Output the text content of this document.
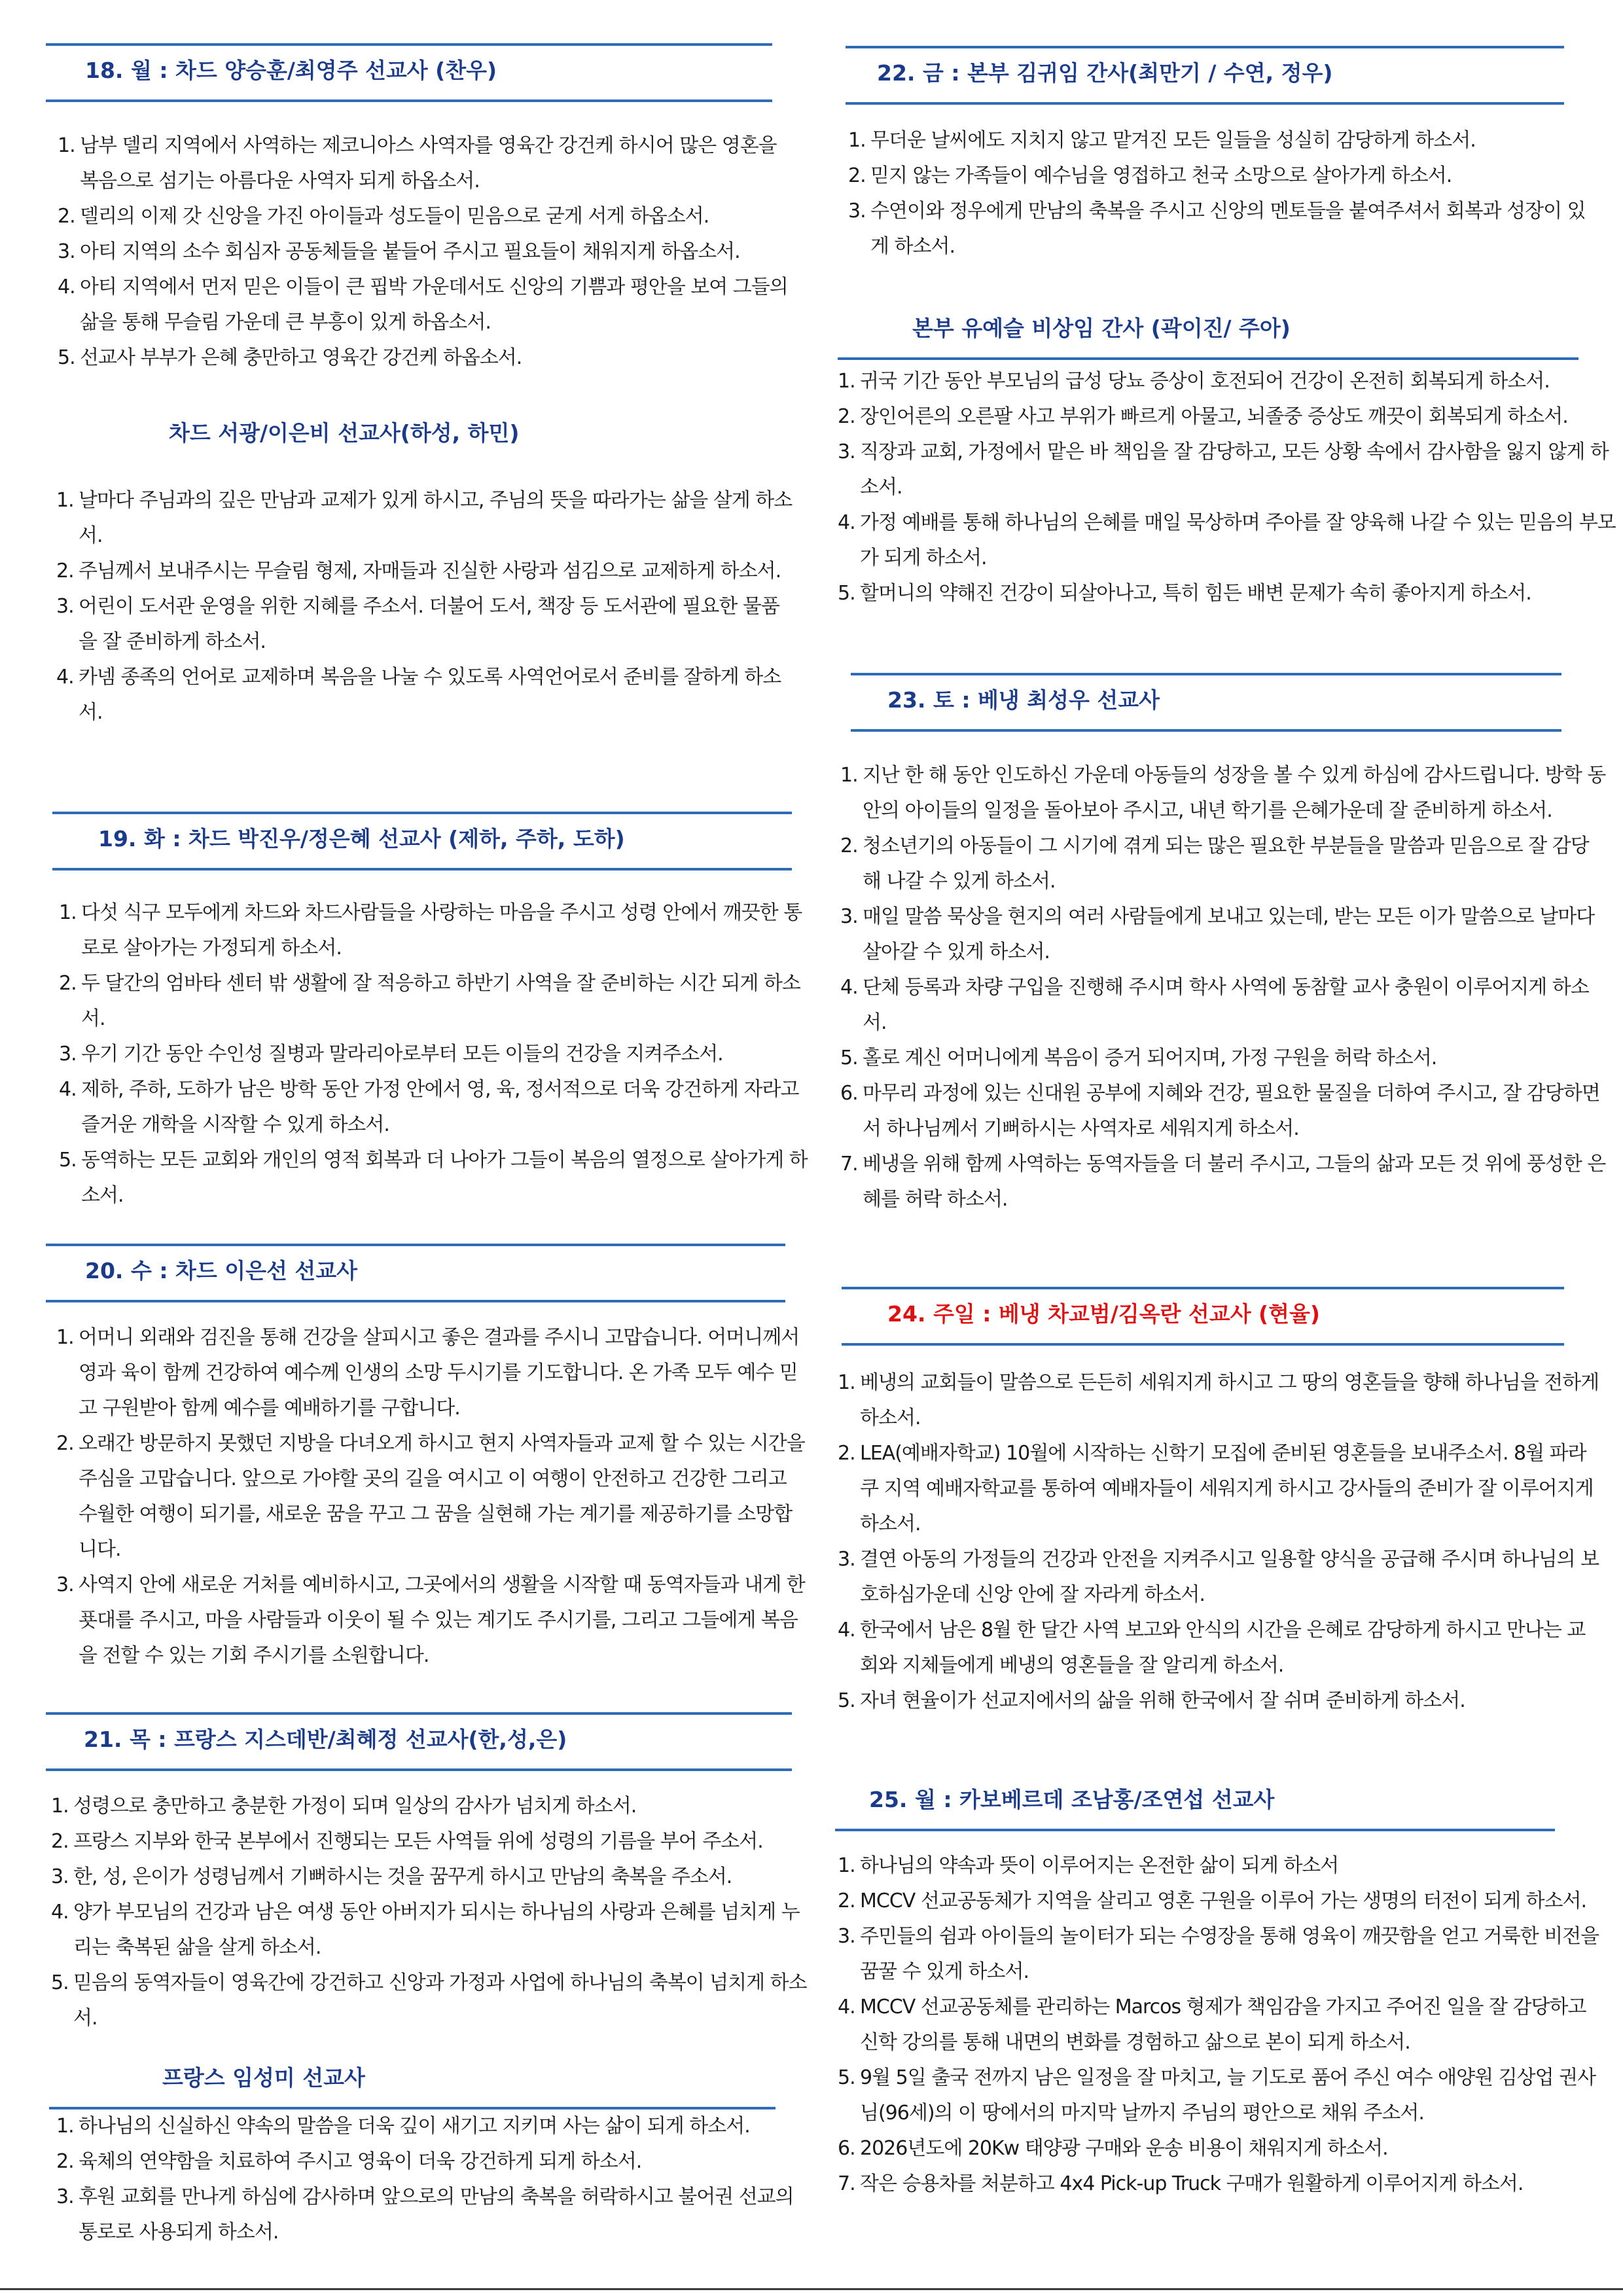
18. 월 : 차드 양승훈/최영주 선교사 (찬우)
1. 남부 델리 지역에서 사역하는 제코니아스 사역자를 영육간 강건케 하시어 많은 영혼을 복음으로 섬기는 아름다운 사역자 되게 하옵소서.
2. 델리의 이제 갓 신앙을 가진 아이들과 성도들이 믿음으로 굳게 서게 하옵소서.
3. 아티 지역의 소수 회심자 공동체들을 붙들어 주시고 필요들이 채워지게 하옵소서.
4. 아티 지역에서 먼저 믿은 이들이 큰 핍박 가운데서도 신앙의 기쁨과 평안을 보여 그들의 삶을 통해 무슬림 가운데 큰 부흥이 있게 하옵소서.
5. 선교사 부부가 은혜 충만하고 영육간 강건케 하옵소서.
차드 서광/이은비 선교사(하성, 하민)
1. 날마다 주님과의 깊은 만남과 교제가 있게 하시고, 주님의 뜻을 따라가는 삶을 살게 하소서.
2. 주님께서 보내주시는 무슬림 형제, 자매들과 진실한 사랑과 섬김으로 교제하게 하소서.
3. 어린이 도서관 운영을 위한 지혜를 주소서. 더불어 도서, 책장 등 도서관에 필요한 물품을 잘 준비하게 하소서.
4. 카넴 종족의 언어로 교제하며 복음을 나눌 수 있도록 사역언어로서 준비를 잘하게 하소서.
19. 화 : 차드 박진우/정은혜 선교사 (제하, 주하, 도하)
1. 다섯 식구 모두에게 차드와 차드사람들을 사랑하는 마음을 주시고 성령 안에서 깨끗한 통로로 살아가는 가정되게 하소서.
2. 두 달간의 엄바타 센터 밖 생활에 잘 적응하고 하반기 사역을 잘 준비하는 시간 되게 하소서.
3. 우기 기간 동안 수인성 질병과 말라리아로부터 모든 이들의 건강을 지켜주소서.
4. 제하, 주하, 도하가 남은 방학 동안 가정 안에서 영, 육, 정서적으로 더욱 강건하게 자라고 즐거운 개학을 시작할 수 있게 하소서.
5. 동역하는 모든 교회와 개인의 영적 회복과 더 나아가 그들이 복음의 열정으로 살아가게 하소서.
20. 수 : 차드 이은선 선교사
1. 어머니 외래와 검진을 통해 건강을 살피시고 좋은 결과를 주시니 고맙습니다. 어머니께서 영과 육이 함께 건강하여 예수께 인생의 소망 두시기를 기도합니다. 온 가족 모두 예수 믿고 구원받아 함께 예수를 예배하기를 구합니다.
2. 오래간 방문하지 못했던 지방을 다녀오게 하시고 현지 사역자들과 교제 할 수 있는 시간을 주심을 고맙습니다. 앞으로 가야할 곳의 길을 여시고 이 여행이 안전하고 건강한 그리고 수월한 여행이 되기를, 새로운 꿈을 꾸고 그 꿈을 실현해 가는 계기를 제공하기를 소망합니다.
3. 사역지 안에 새로운 거처를 예비하시고, 그곳에서의 생활을 시작할 때 동역자들과 내게 한 푯대를 주시고, 마을 사람들과 이웃이 될 수 있는 계기도 주시기를, 그리고 그들에게 복음을 전할 수 있는 기회 주시기를 소원합니다.
21. 목 : 프랑스 지스데반/최혜정 선교사(한,성,은)
1. 성령으로 충만하고 충분한 가정이 되며 일상의 감사가 넘치게 하소서.
2. 프랑스 지부와 한국 본부에서 진행되는 모든 사역들 위에 성령의 기름을 부어 주소서.
3. 한, 성, 은이가 성령님께서 기뻐하시는 것을 꿈꾸게 하시고 만남의 축복을 주소서.
4. 양가 부모님의 건강과 남은 여생 동안 아버지가 되시는 하나님의 사랑과 은혜를 넘치게 누리는 축복된 삶을 살게 하소서.
5. 믿음의 동역자들이 영육간에 강건하고 신앙과 가정과 사업에 하나님의 축복이 넘치게 하소서.
프랑스 임성미 선교사
1. 하나님의 신실하신 약속의 말씀을 더욱 깊이 새기고 지키며 사는 삶이 되게 하소서.
2. 육체의 연약함을 치료하여 주시고 영육이 더욱 강건하게 되게 하소서.
3. 후원 교회를 만나게 하심에 감사하며 앞으로의 만남의 축복을 허락하시고 불어권 선교의 통로로 사용되게 하소서.
22. 금 : 본부 김귀임 간사(최만기 / 수연, 정우)
1. 무더운 날씨에도 지치지 않고 맡겨진 모든 일들을 성실히 감당하게 하소서.
2. 믿지 않는 가족들이 예수님을 영접하고 천국 소망으로 살아가게 하소서.
3. 수연이와 정우에게 만남의 축복을 주시고 신앙의 멘토들을 붙여주셔서 회복과 성장이 있게 하소서.
본부 유예슬 비상임 간사 (곽이진/ 주아)
1. 귀국 기간 동안 부모님의 급성 당뇨 증상이 호전되어 건강이 온전히 회복되게 하소서.
2. 장인어른의 오른팔 사고 부위가 빠르게 아물고, 뇌졸중 증상도 깨끗이 회복되게 하소서.
3. 직장과 교회, 가정에서 맡은 바 책임을 잘 감당하고, 모든 상황 속에서 감사함을 잃지 않게 하소서.
4. 가정 예배를 통해 하나님의 은혜를 매일 묵상하며 주아를 잘 양육해 나갈 수 있는 믿음의 부모가 되게 하소서.
5. 할머니의 약해진 건강이 되살아나고, 특히 힘든 배변 문제가 속히 좋아지게 하소서.
23. 토 : 베냉 최성우 선교사
1. 지난 한 해 동안 인도하신 가운데 아동들의 성장을 볼 수 있게 하심에 감사드립니다. 방학 동안의 아이들의 일정을 돌아보아 주시고, 내년 학기를 은혜가운데 잘 준비하게 하소서.
2. 청소년기의 아동들이 그 시기에 겪게 되는 많은 필요한 부분들을 말씀과 믿음으로 잘 감당해 나갈 수 있게 하소서.
3. 매일 말씀 묵상을 현지의 여러 사람들에게 보내고 있는데, 받는 모든 이가 말씀으로 날마다 살아갈 수 있게 하소서.
4. 단체 등록과 차량 구입을 진행해 주시며 학사 사역에 동참할 교사 충원이 이루어지게 하소서.
5. 홀로 계신 어머니에게 복음이 증거 되어지며, 가정 구원을 허락 하소서.
6. 마무리 과정에 있는 신대원 공부에 지혜와 건강, 필요한 물질을 더하여 주시고, 잘 감당하면서 하나님께서 기뻐하시는 사역자로 세워지게 하소서.
7. 베냉을 위해 함께 사역하는 동역자들을 더 불러 주시고, 그들의 삶과 모든 것 위에 풍성한 은혜를 허락 하소서.
24. 주일 : 베냉 차교범/김옥란 선교사 (현율)
1. 베냉의 교회들이 말씀으로 든든히 세워지게 하시고 그 땅의 영혼들을 향해 하나님을 전하게 하소서.
2. LEA(예배자학교) 10월에 시작하는 신학기 모집에 준비된 영혼들을 보내주소서. 8월 파라쿠 지역 예배자학교를 통하여 예배자들이 세워지게 하시고 강사들의 준비가 잘 이루어지게 하소서.
3. 결연 아동의 가정들의 건강과 안전을 지켜주시고 일용할 양식을 공급해 주시며 하나님의 보호하심가운데 신앙 안에 잘 자라게 하소서.
4. 한국에서 남은 8월 한 달간 사역 보고와 안식의 시간을 은혜로 감당하게 하시고 만나는 교회와 지체들에게 베냉의 영혼들을 잘 알리게 하소서.
5. 자녀 현율이가 선교지에서의 삶을 위해 한국에서 잘 쉬며 준비하게 하소서.
25. 월 : 카보베르데 조남홍/조연섭 선교사
1. 하나님의 약속과 뜻이 이루어지는 온전한 삶이 되게 하소서
2. MCCV 선교공동체가 지역을 살리고 영혼 구원을 이루어 가는 생명의 터전이 되게 하소서.
3. 주민들의 쉼과 아이들의 놀이터가 되는 수영장을 통해 영육이 깨끗함을 얻고 거룩한 비전을 꿈꿀 수 있게 하소서.
4. MCCV 선교공동체를 관리하는 Marcos 형제가 책임감을 가지고 주어진 일을 잘 감당하고 신학 강의를 통해 내면의 변화를 경험하고 삶으로 본이 되게 하소서.
5. 9월 5일 출국 전까지 남은 일정을 잘 마치고, 늘 기도로 품어 주신 여수 애양원 김상업 권사님(96세)의 이 땅에서의 마지막 날까지 주님의 평안으로 채워 주소서.
6. 2026년도에 20Kw 태양광 구매와 운송 비용이 채워지게 하소서.
7. 작은 승용차를 처분하고 4x4 Pick-up Truck 구매가 원활하게 이루어지게 하소서.
